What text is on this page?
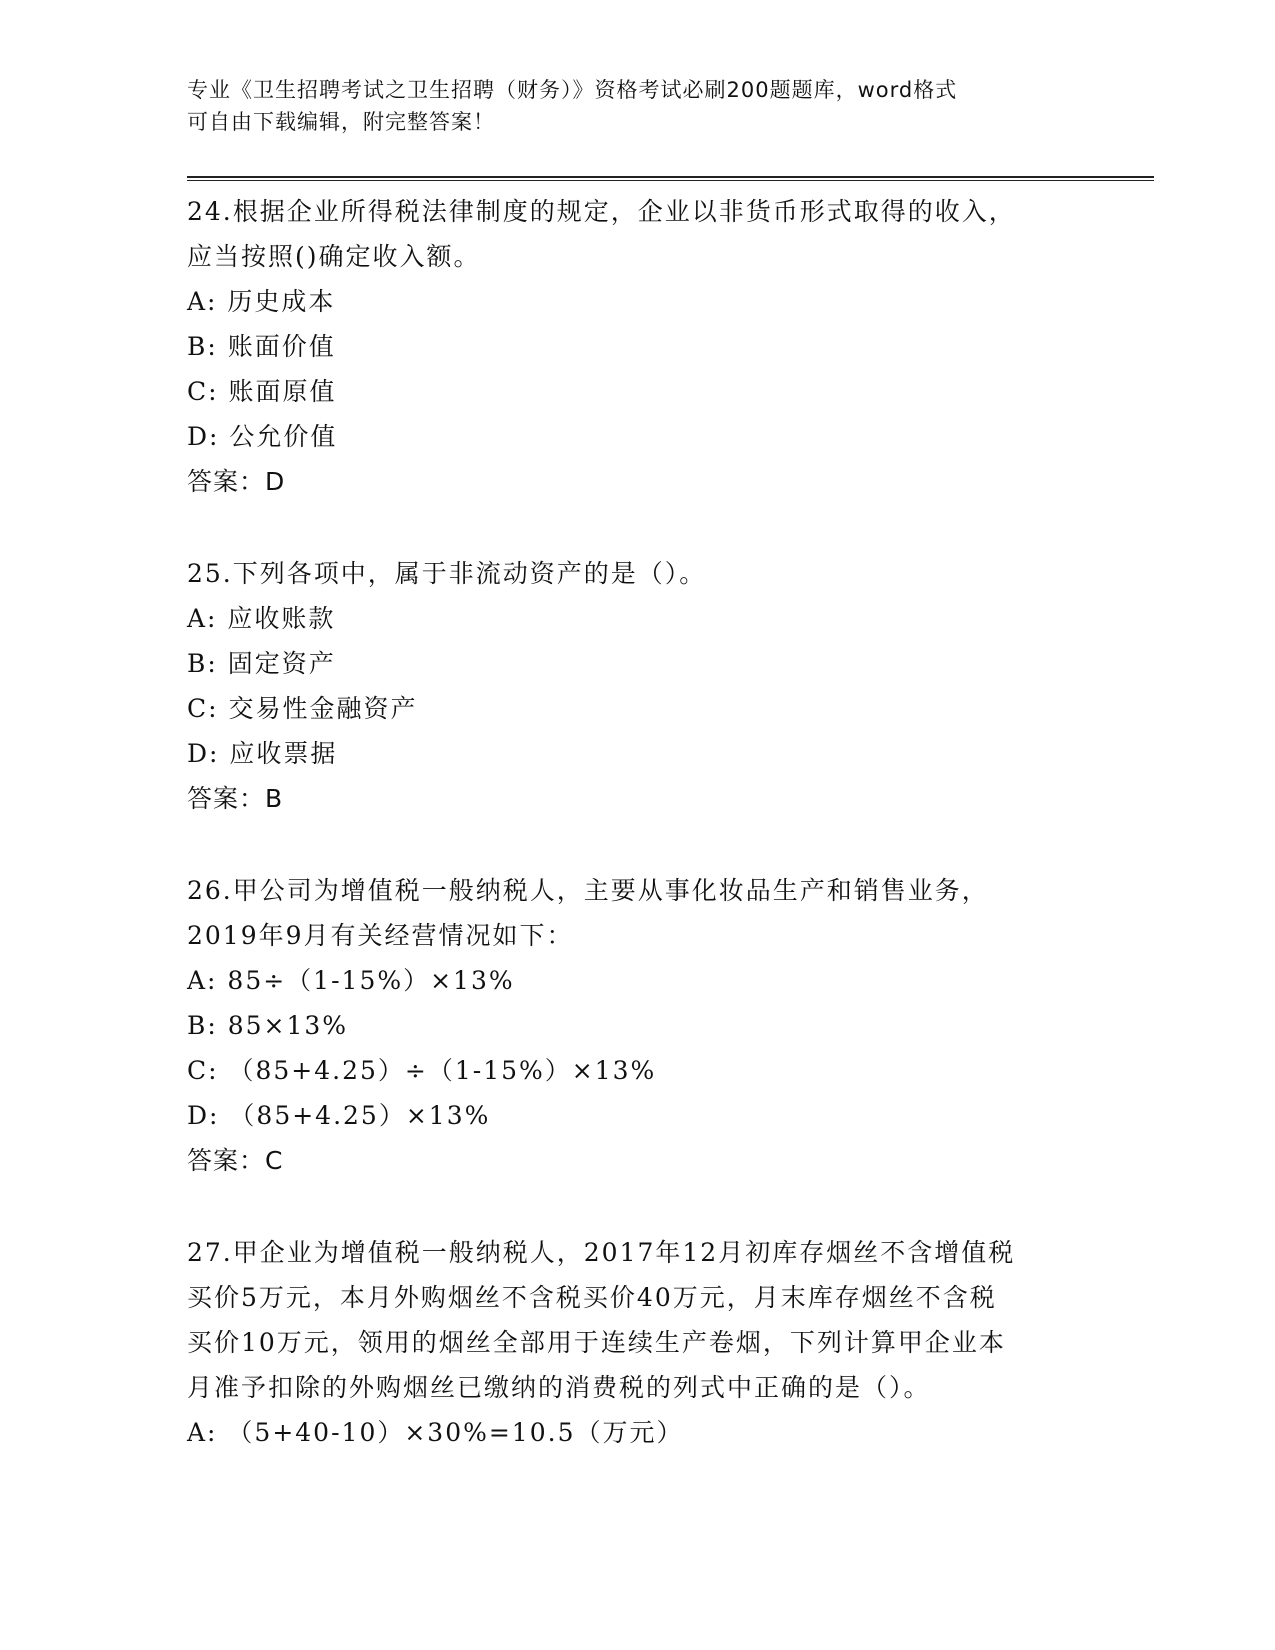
专业《卫生招聘考试之卫生招聘（财务）》资格考试必刷200题题库，word格式
可自由下载编辑，附完整答案！
24.根据企业所得税法律制度的规定，企业以非货币形式取得的收入，
应当按照()确定收入额。
A: 历史成本
B: 账面价值
C: 账面原值
D: 公允价值
答案：D
25.下列各项中，属于非流动资产的是（）。
A: 应收账款
B: 固定资产
C: 交易性金融资产
D: 应收票据
答案：B
26.甲公司为增值税一般纳税人，主要从事化妆品生产和销售业务，
2019年9月有关经营情况如下：
A: 85÷（1-15%）×13%
B: 85×13%
C: （85+4.25）÷（1-15%）×13%
D: （85+4.25）×13%
答案：C
27.甲企业为增值税一般纳税人，2017年12月初库存烟丝不含增值税
买价5万元，本月外购烟丝不含税买价40万元，月末库存烟丝不含税
买价10万元，领用的烟丝全部用于连续生产卷烟，下列计算甲企业本
月准予扣除的外购烟丝已缴纳的消费税的列式中正确的是（）。
A: （5+40-10）×30%=10.5（万元）
